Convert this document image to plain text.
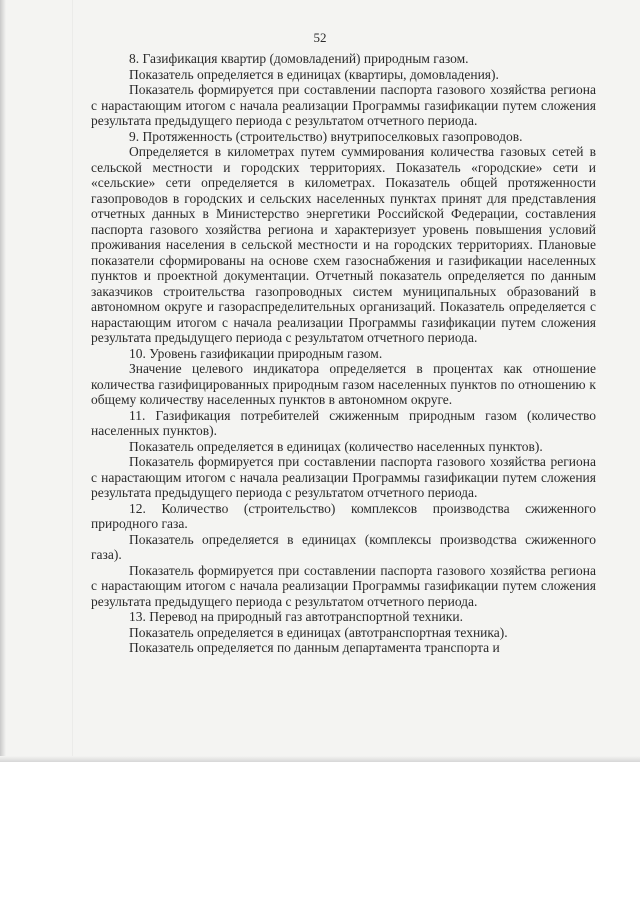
52

8. Газификация квартир (домовладений) природным газом.

Показатель определяется в единицах (квартиры, домовладения).

Показатель формируется при составлении паспорта газового хозяйства региона с нарастающим итогом с начала реализации Программы газификации путем сложения результата предыдущего периода с результатом отчетного периода.

9. Протяженность (строительство) внутрипоселковых газопроводов.

Определяется в километрах путем суммирования количества газовых сетей в сельской местности и городских территориях. Показатель «городские» сети и «сельские» сети определяется в километрах. Показатель общей протяженности газопроводов в городских и сельских населенных пунктах принят для представления отчетных данных в Министерство энергетики Российской Федерации, составления паспорта газового хозяйства региона и характеризует уровень повышения условий проживания населения в сельской местности и на городских территориях. Плановые показатели сформированы на основе схем газоснабжения и газификации населенных пунктов и проектной документации. Отчетный показатель определяется по данным заказчиков строительства газопроводных систем муниципальных образований в автономном округе и газораспределительных организаций. Показатель определяется с нарастающим итогом с начала реализации Программы газификации путем сложения результата предыдущего периода с результатом отчетного периода.

10. Уровень газификации природным газом.

Значение целевого индикатора определяется в процентах как отношение количества газифицированных природным газом населенных пунктов по отношению к общему количеству населенных пунктов в автономном округе.

11. Газификация потребителей сжиженным природным газом (количество населенных пунктов).

Показатель определяется в единицах (количество населенных пунктов).

Показатель формируется при составлении паспорта газового хозяйства региона с нарастающим итогом с начала реализации Программы газификации путем сложения результата предыдущего периода с результатом отчетного периода.

12. Количество (строительство) комплексов производства сжиженного природного газа.

Показатель определяется в единицах (комплексы производства сжиженного газа).

Показатель формируется при составлении паспорта газового хозяйства региона с нарастающим итогом с начала реализации Программы газификации путем сложения результата предыдущего периода с результатом отчетного периода.

13. Перевод на природный газ автотранспортной техники.

Показатель определяется в единицах (автотранспортная техника).

Показатель определяется по данным департамента транспорта и
